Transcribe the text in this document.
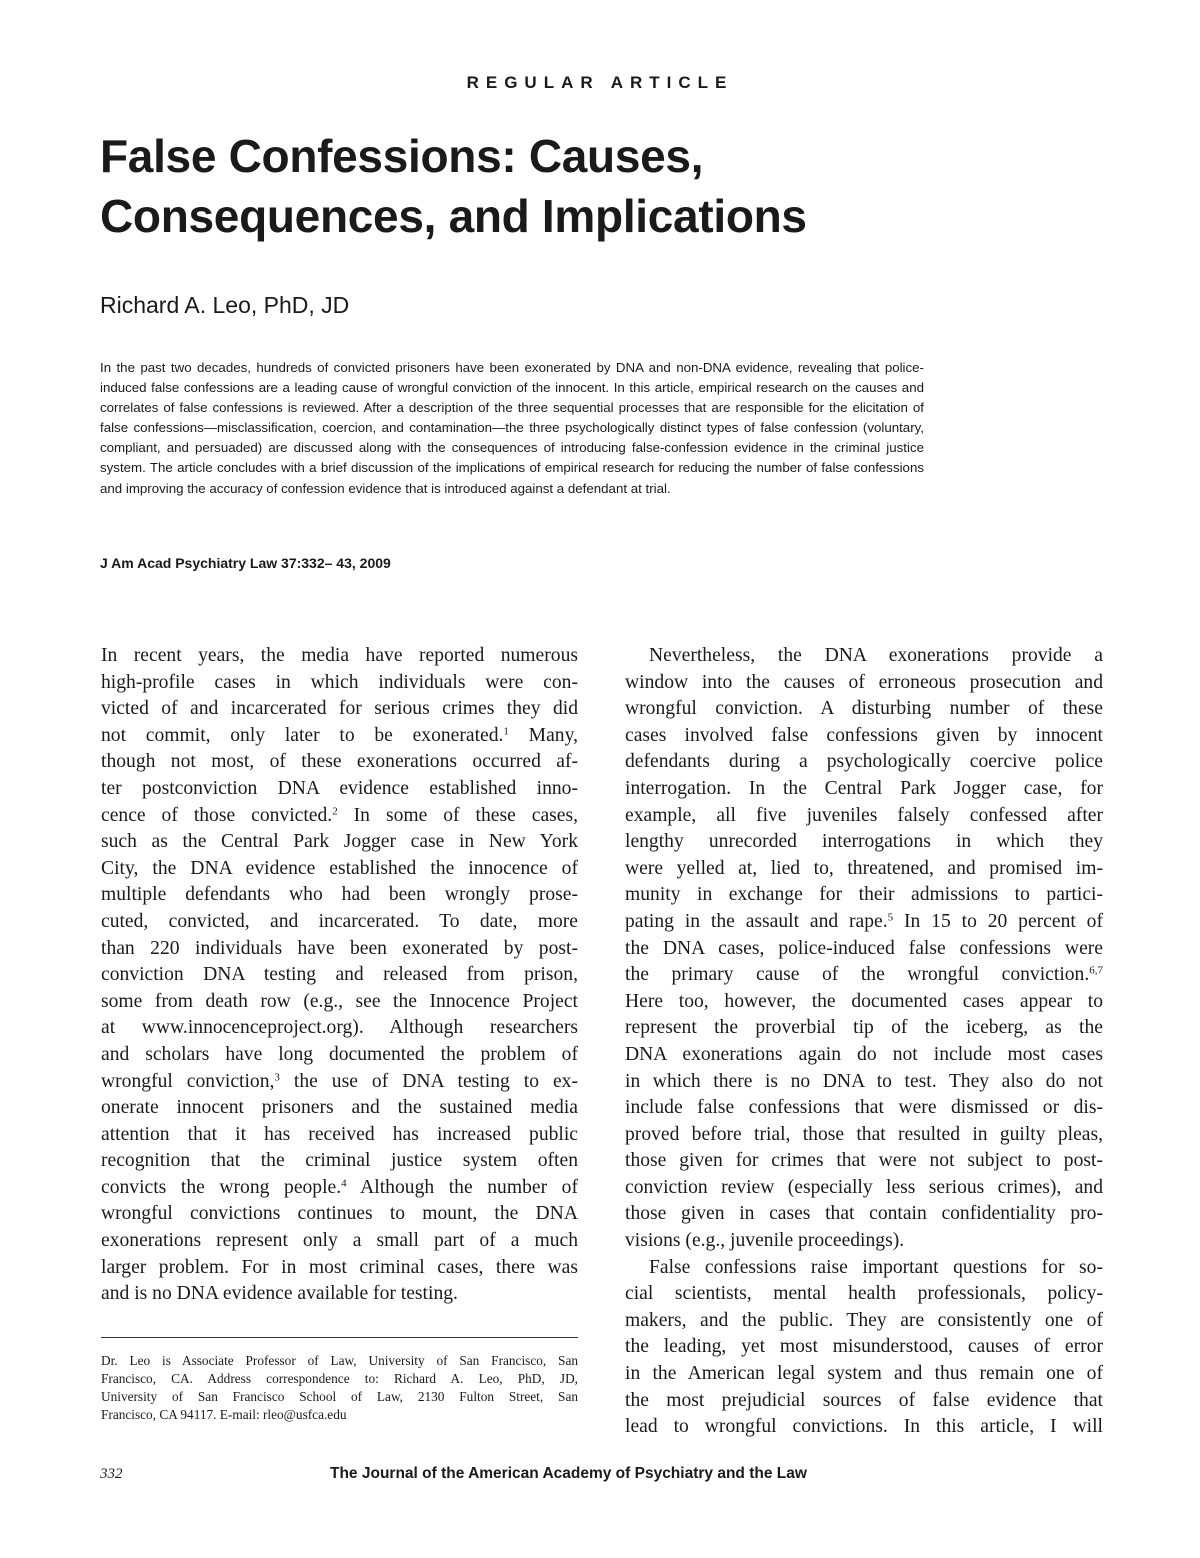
REGULAR ARTICLE
False Confessions: Causes,
Consequences, and Implications
Richard A. Leo, PhD, JD
In the past two decades, hundreds of convicted prisoners have been exonerated by DNA and non-DNA evidence, revealing that police-induced false confessions are a leading cause of wrongful conviction of the innocent. In this article, empirical research on the causes and correlates of false confessions is reviewed. After a description of the three sequential processes that are responsible for the elicitation of false confessions—misclassification, coercion, and contamination—the three psychologically distinct types of false confession (voluntary, compliant, and persuaded) are discussed along with the consequences of introducing false-confession evidence in the criminal justice system. The article concludes with a brief discussion of the implications of empirical research for reducing the number of false confessions and improving the accuracy of confession evidence that is introduced against a defendant at trial.
J Am Acad Psychiatry Law 37:332– 43, 2009
In recent years, the media have reported numerous
high-profile cases in which individuals were con-
victed of and incarcerated for serious crimes they did
not commit, only later to be exonerated.$^1$ Many,
though not most, of these exonerations occurred af-
ter postconviction DNA evidence established inno-
cence of those convicted.$^2$ In some of these cases,
such as the Central Park Jogger case in New York
City, the DNA evidence established the innocence of
multiple defendants who had been wrongly prose-
cuted, convicted, and incarcerated. To date, more
than 220 individuals have been exonerated by post-
conviction DNA testing and released from prison,
some from death row (e.g., see the Innocence Project
at www.innocenceproject.org). Although researchers
and scholars have long documented the problem of
wrongful conviction,$^3$ the use of DNA testing to ex-
onerate innocent prisoners and the sustained media
attention that it has received has increased public
recognition that the criminal justice system often
convicts the wrong people.$^4$ Although the number of
wrongful convictions continues to mount, the DNA
exonerations represent only a small part of a much
larger problem. For in most criminal cases, there was
and is no DNA evidence available for testing.
Nevertheless, the DNA exonerations provide a
window into the causes of erroneous prosecution and
wrongful conviction. A disturbing number of these
cases involved false confessions given by innocent
defendants during a psychologically coercive police
interrogation. In the Central Park Jogger case, for
example, all five juveniles falsely confessed after
lengthy unrecorded interrogations in which they
were yelled at, lied to, threatened, and promised im-
munity in exchange for their admissions to partici-
pating in the assault and rape.$^5$ In 15 to 20 percent of
the DNA cases, police-induced false confessions were
the primary cause of the wrongful conviction.$^{6,7}$
Here too, however, the documented cases appear to
represent the proverbial tip of the iceberg, as the
DNA exonerations again do not include most cases
in which there is no DNA to test. They also do not
include false confessions that were dismissed or dis-
proved before trial, those that resulted in guilty pleas,
those given for crimes that were not subject to post-
conviction review (especially less serious crimes), and
those given in cases that contain confidentiality pro-
visions (e.g., juvenile proceedings).
False confessions raise important questions for so-
cial scientists, mental health professionals, policy-
makers, and the public. They are consistently one of
the leading, yet most misunderstood, causes of error
in the American legal system and thus remain one of
the most prejudicial sources of false evidence that
lead to wrongful convictions. In this article, I will
Dr. Leo is Associate Professor of Law, University of San Francisco, San
Francisco, CA. Address correspondence to: Richard A. Leo, PhD, JD,
University of San Francisco School of Law, 2130 Fulton Street, San
Francisco, CA 94117. E-mail: rleo@usfca.edu
332	The Journal of the American Academy of Psychiatry and the Law
